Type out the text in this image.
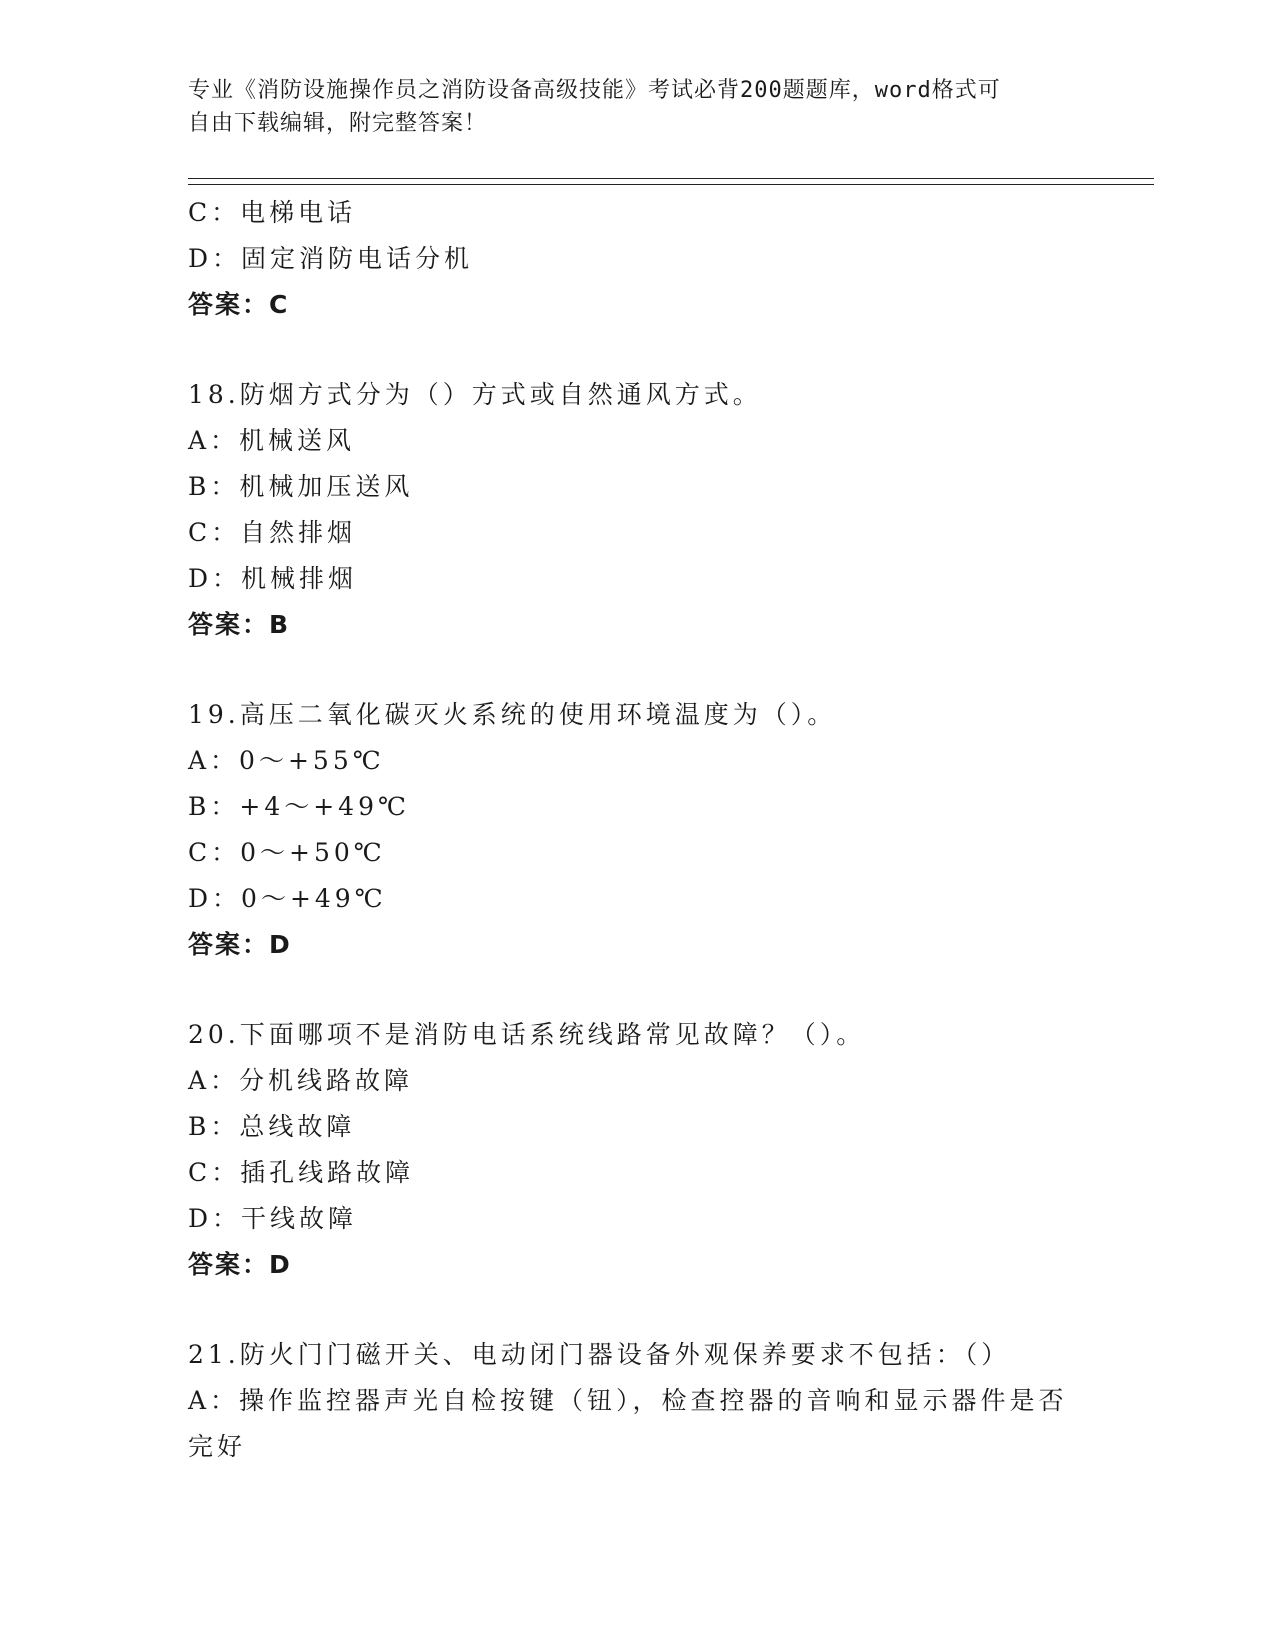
专业《消防设施操作员之消防设备高级技能》考试必背200题题库，word格式可
自由下载编辑，附完整答案！
C：电梯电话
D：固定消防电话分机
答案：C
18.防烟方式分为（）方式或自然通风方式。
A：机械送风
B：机械加压送风
C：自然排烟
D：机械排烟
答案：B
19.高压二氧化碳灭火系统的使用环境温度为（）。
A：0～+55℃
B：+4～+49℃
C：0～+50℃
D：0～+49℃
答案：D
20.下面哪项不是消防电话系统线路常见故障？（）。
A：分机线路故障
B：总线故障
C：插孔线路故障
D：干线故障
答案：D
21.防火门门磁开关、电动闭门器设备外观保养要求不包括：（）
A：操作监控器声光自检按键（钮），检查控器的音响和显示器件是否完好
